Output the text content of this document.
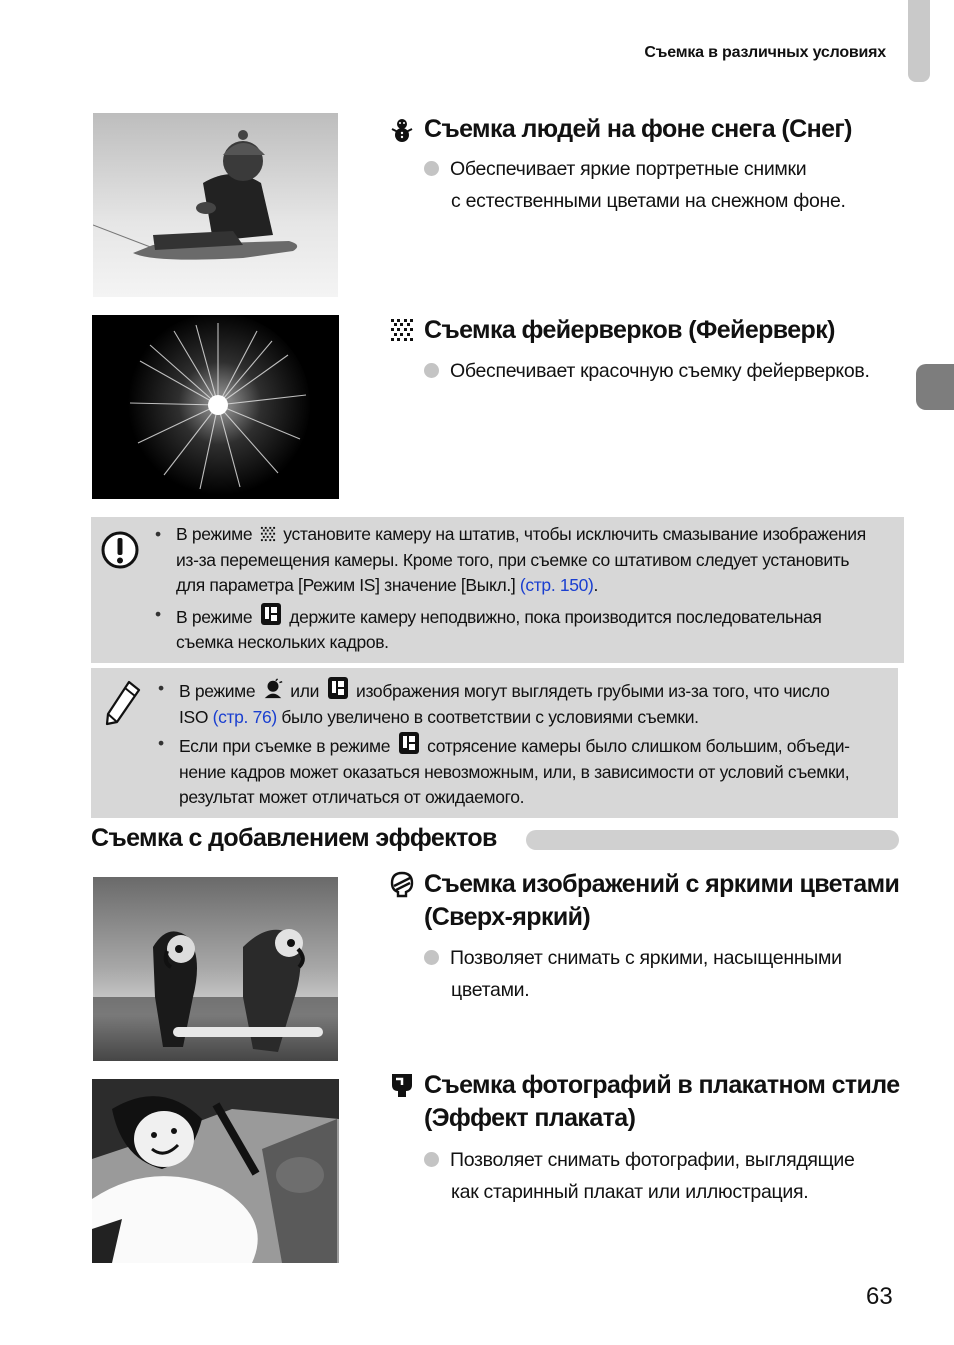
Съемка в различных условиях
Съемка людей на фоне снега (Снег)
Обеспечивает яркие портретные снимки
с естественными цветами на снежном фоне.
Съемка фейерверков (Фейерверк)
Обеспечивает красочную съемку фейерверков.
• В режиме установите камеру на штатив, чтобы исключить смазывание изображения
из-за перемещения камеры. Кроме того, при съемке со штативом следует установить
для параметра [Режим IS] значение [Выкл.] (стр. 150).
• В режиме держите камеру неподвижно, пока производится последовательная
съемка нескольких кадров.
• В режиме или изображения могут выглядеть грубыми из-за того, что число
ISO (стр. 76) было увеличено в соответствии с условиями съемки.
• Если при съемке в режиме сотрясение камеры было слишком большим, объеди-
нение кадров может оказаться невозможным, или, в зависимости от условий съемки,
результат может отличаться от ожидаемого.
Съемка с добавлением эффектов
Съемка изображений с яркими цветами
(Сверх-яркий)
Позволяет снимать с яркими, насыщенными
цветами.
Съемка фотографий в плакатном стиле
(Эффект плаката)
Позволяет снимать фотографии, выглядящие
как старинный плакат или иллюстрация.
63
